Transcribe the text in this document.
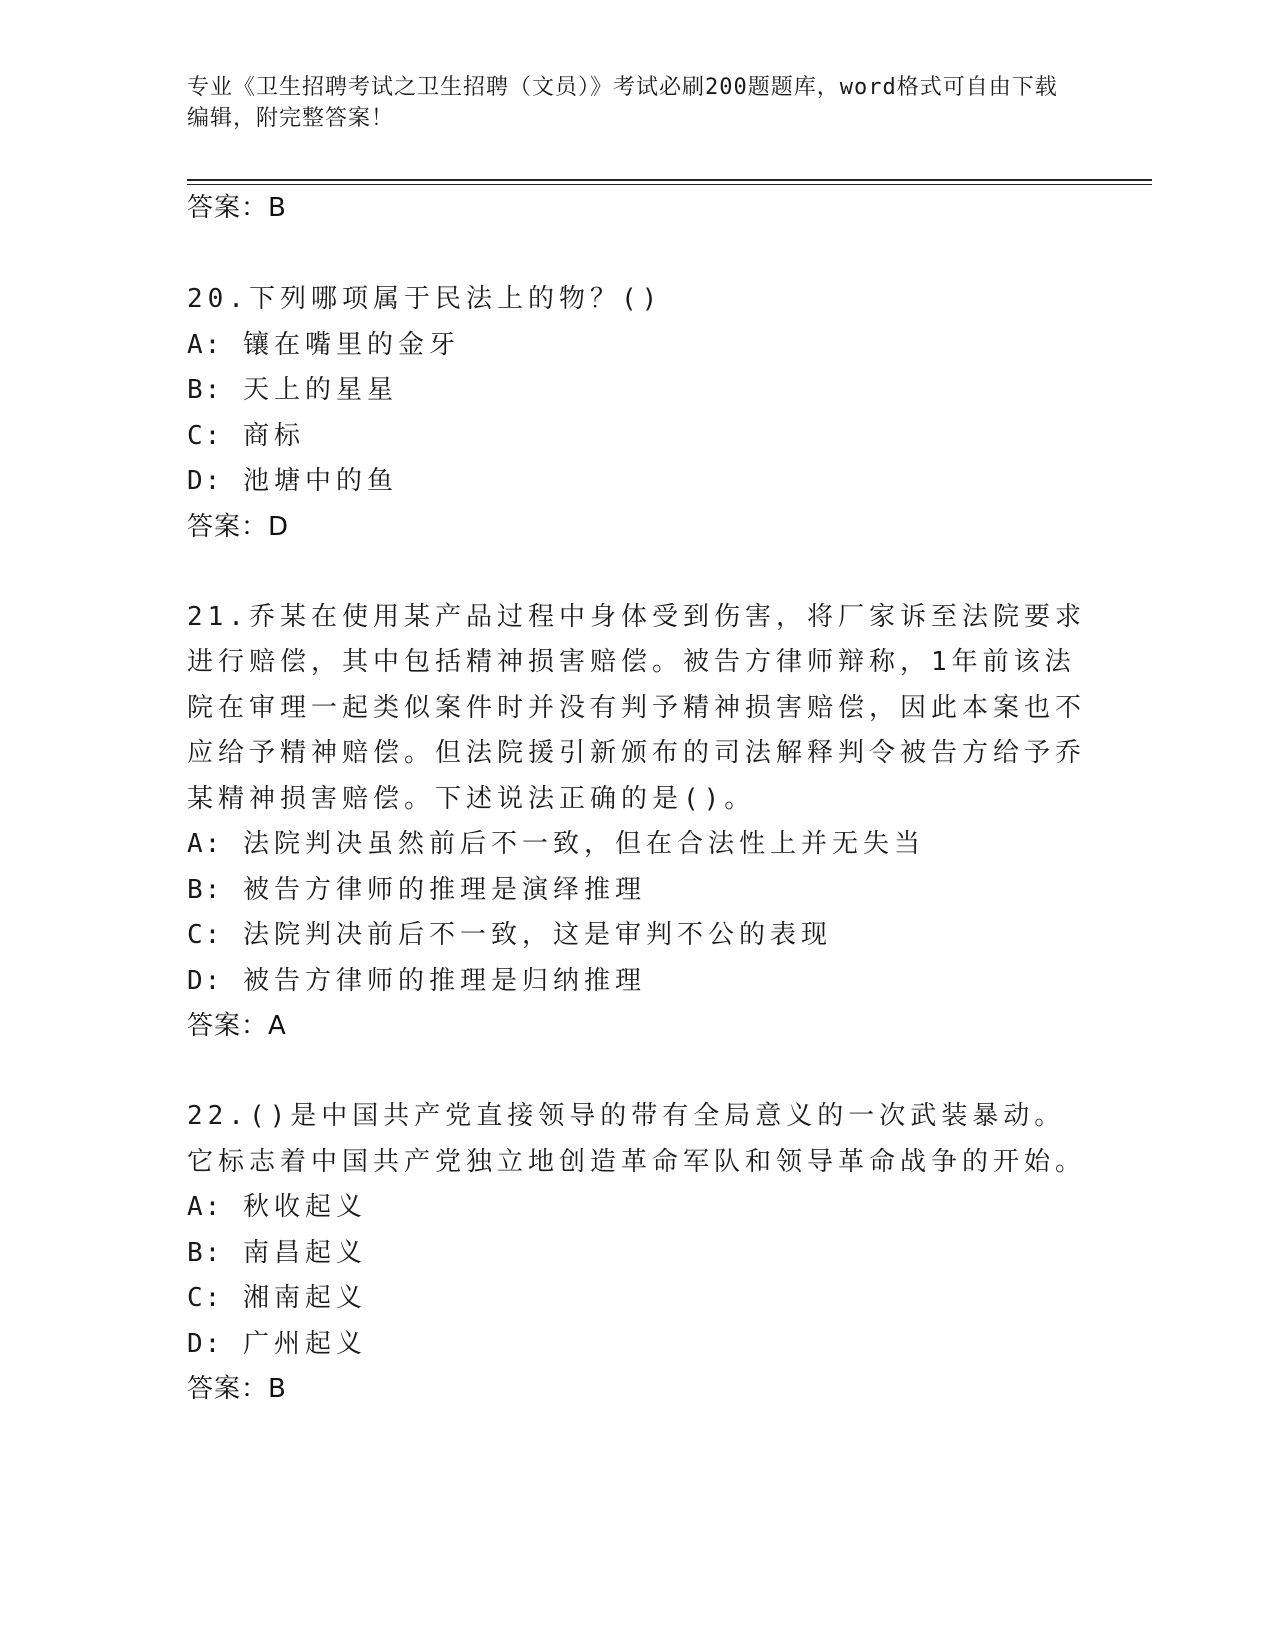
专业《卫生招聘考试之卫生招聘（文员）》考试必刷200题题库，word格式可自由下载编辑，附完整答案！
答案：B
20.下列哪项属于民法上的物？()
A: 镶在嘴里的金牙
B: 天上的星星
C: 商标
D: 池塘中的鱼
答案：D
21.乔某在使用某产品过程中身体受到伤害，将厂家诉至法院要求进行赔偿，其中包括精神损害赔偿。被告方律师辩称，1年前该法院在审理一起类似案件时并没有判予精神损害赔偿，因此本案也不应给予精神赔偿。但法院援引新颁布的司法解释判令被告方给予乔某精神损害赔偿。下述说法正确的是()。
A: 法院判决虽然前后不一致，但在合法性上并无失当
B: 被告方律师的推理是演绎推理
C: 法院判决前后不一致，这是审判不公的表现
D: 被告方律师的推理是归纳推理
答案：A
22.()是中国共产党直接领导的带有全局意义的一次武装暴动。它标志着中国共产党独立地创造革命军队和领导革命战争的开始。
A: 秋收起义
B: 南昌起义
C: 湘南起义
D: 广州起义
答案：B
